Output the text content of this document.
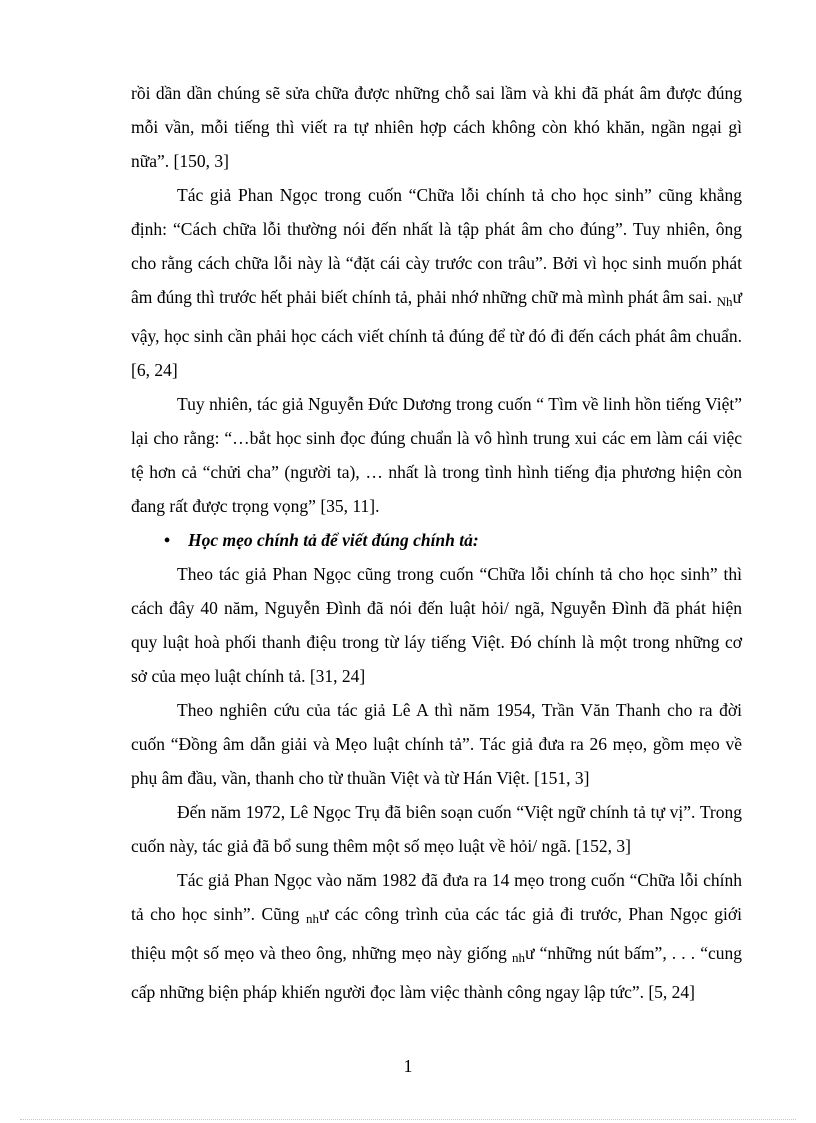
rồi dần dần chúng sẽ sửa chữa được những chỗ sai lầm và khi đã phát âm được đúng mỗi vần, mỗi tiếng thì viết ra tự nhiên hợp cách không còn khó khăn, ngần ngại gì nữa”. [150, 3]

Tác giả Phan Ngọc trong cuốn “Chữa lỗi chính tả cho học sinh” cũng khẳng định: “Cách chữa lỗi thường nói đến nhất là tập phát âm cho đúng”. Tuy nhiên, ông cho rằng cách chữa lỗi này là “đặt cái cày trước con trâu”. Bởi vì học sinh muốn phát âm đúng thì trước hết phải biết chính tả, phải nhớ những chữ mà mình phát âm sai. Như vậy, học sinh cần phải học cách viết chính tả đúng để từ đó đi đến cách phát âm chuẩn. [6, 24]

Tuy nhiên, tác giả Nguyễn Đức Dương trong cuốn “ Tìm về linh hồn tiếng Việt” lại cho rằng: “…bắt học sinh đọc đúng chuẩn là vô hình trung xui các em làm cái việc tệ hơn cả “chửi cha” (người ta), … nhất là trong tình hình tiếng địa phương hiện còn đang rất được trọng vọng” [35, 11].

• Học mẹo chính tả để viết đúng chính tả:

Theo tác giả Phan Ngọc cũng trong cuốn “Chữa lỗi chính tả cho học sinh” thì cách đây 40 năm, Nguyễn Đình đã nói đến luật hỏi/ ngã, Nguyễn Đình đã phát hiện quy luật hoà phối thanh điệu trong từ láy tiếng Việt. Đó chính là một trong những cơ sở của mẹo luật chính tả. [31, 24]

Theo nghiên cứu của tác giả Lê A thì năm 1954, Trần Văn Thanh cho ra đời cuốn “Đồng âm dẫn giải và Mẹo luật chính tả”. Tác giả đưa ra 26 mẹo, gồm mẹo về phụ âm đầu, vần, thanh cho từ thuần Việt và từ Hán Việt. [151, 3]

Đến năm 1972, Lê Ngọc Trụ đã biên soạn cuốn “Việt ngữ chính tả tự vị”. Trong cuốn này, tác giả đã bổ sung thêm một số mẹo luật về hỏi/ ngã. [152, 3]

Tác giả Phan Ngọc vào năm 1982 đã đưa ra 14 mẹo trong cuốn “Chữa lỗi chính tả cho học sinh”. Cũng như các công trình của các tác giả đi trước, Phan Ngọc giới thiệu một số mẹo và theo ông, những mẹo này giống như “những nút bấm”, . . . “cung cấp những biện pháp khiến người đọc làm việc thành công ngay lập tức”. [5, 24]

1
